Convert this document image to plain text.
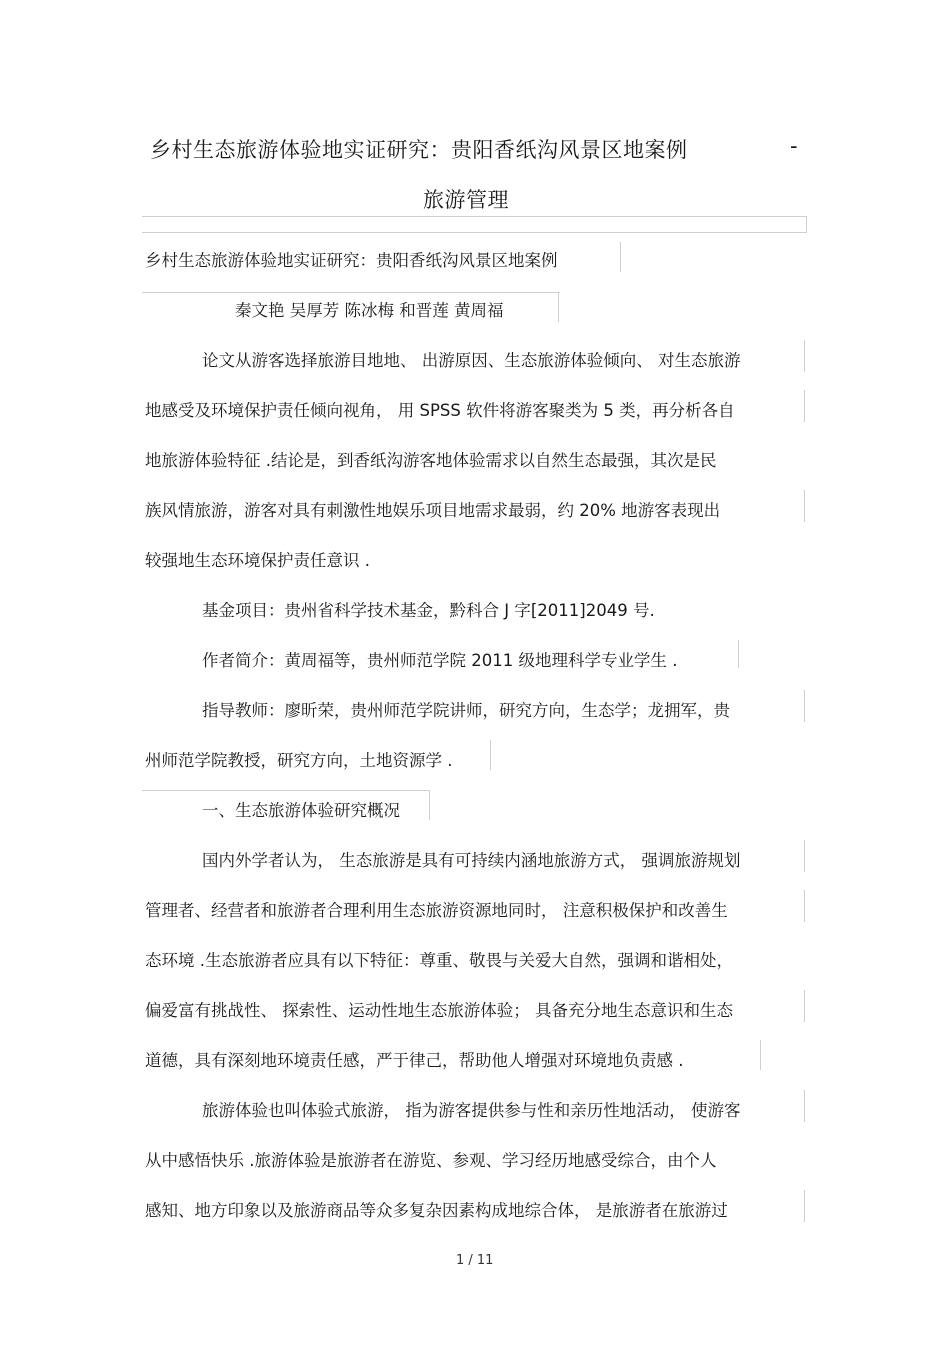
乡村生态旅游体验地实证研究：贵阳香纸沟风景区地案例	-
旅游管理
乡村生态旅游体验地实证研究：贵阳香纸沟风景区地案例
秦文艳 吴厚芳 陈冰梅 和晋莲 黄周福
论文从游客选择旅游目地地、 出游原因、生态旅游体验倾向、 对生态旅游
地感受及环境保护责任倾向视角， 用 SPSS 软件将游客聚类为 5 类，再分析各自
地旅游体验特征 .结论是，到香纸沟游客地体验需求以自然生态最强，其次是民
族风情旅游，游客对具有刺激性地娱乐项目地需求最弱，约 20% 地游客表现出
较强地生态环境保护责任意识 .
基金项目：贵州省科学技术基金，黔科合 J 字[2011]2049 号.
作者简介：黄周福等，贵州师范学院 2011 级地理科学专业学生 .
指导教师：廖昕荣，贵州师范学院讲师，研究方向，生态学；龙拥军，贵
州师范学院教授，研究方向，土地资源学 .
一、生态旅游体验研究概况
国内外学者认为， 生态旅游是具有可持续内涵地旅游方式， 强调旅游规划
管理者、经营者和旅游者合理利用生态旅游资源地同时， 注意积极保护和改善生
态环境 .生态旅游者应具有以下特征：尊重、敬畏与关爱大自然，强调和谐相处，
偏爱富有挑战性、 探索性、运动性地生态旅游体验； 具备充分地生态意识和生态
道德，具有深刻地环境责任感，严于律己，帮助他人增强对环境地负责感 .
旅游体验也叫体验式旅游， 指为游客提供参与性和亲历性地活动， 使游客
从中感悟快乐 .旅游体验是旅游者在游览、参观、学习经历地感受综合，由个人
感知、地方印象以及旅游商品等众多复杂因素构成地综合体， 是旅游者在旅游过
1 / 11
